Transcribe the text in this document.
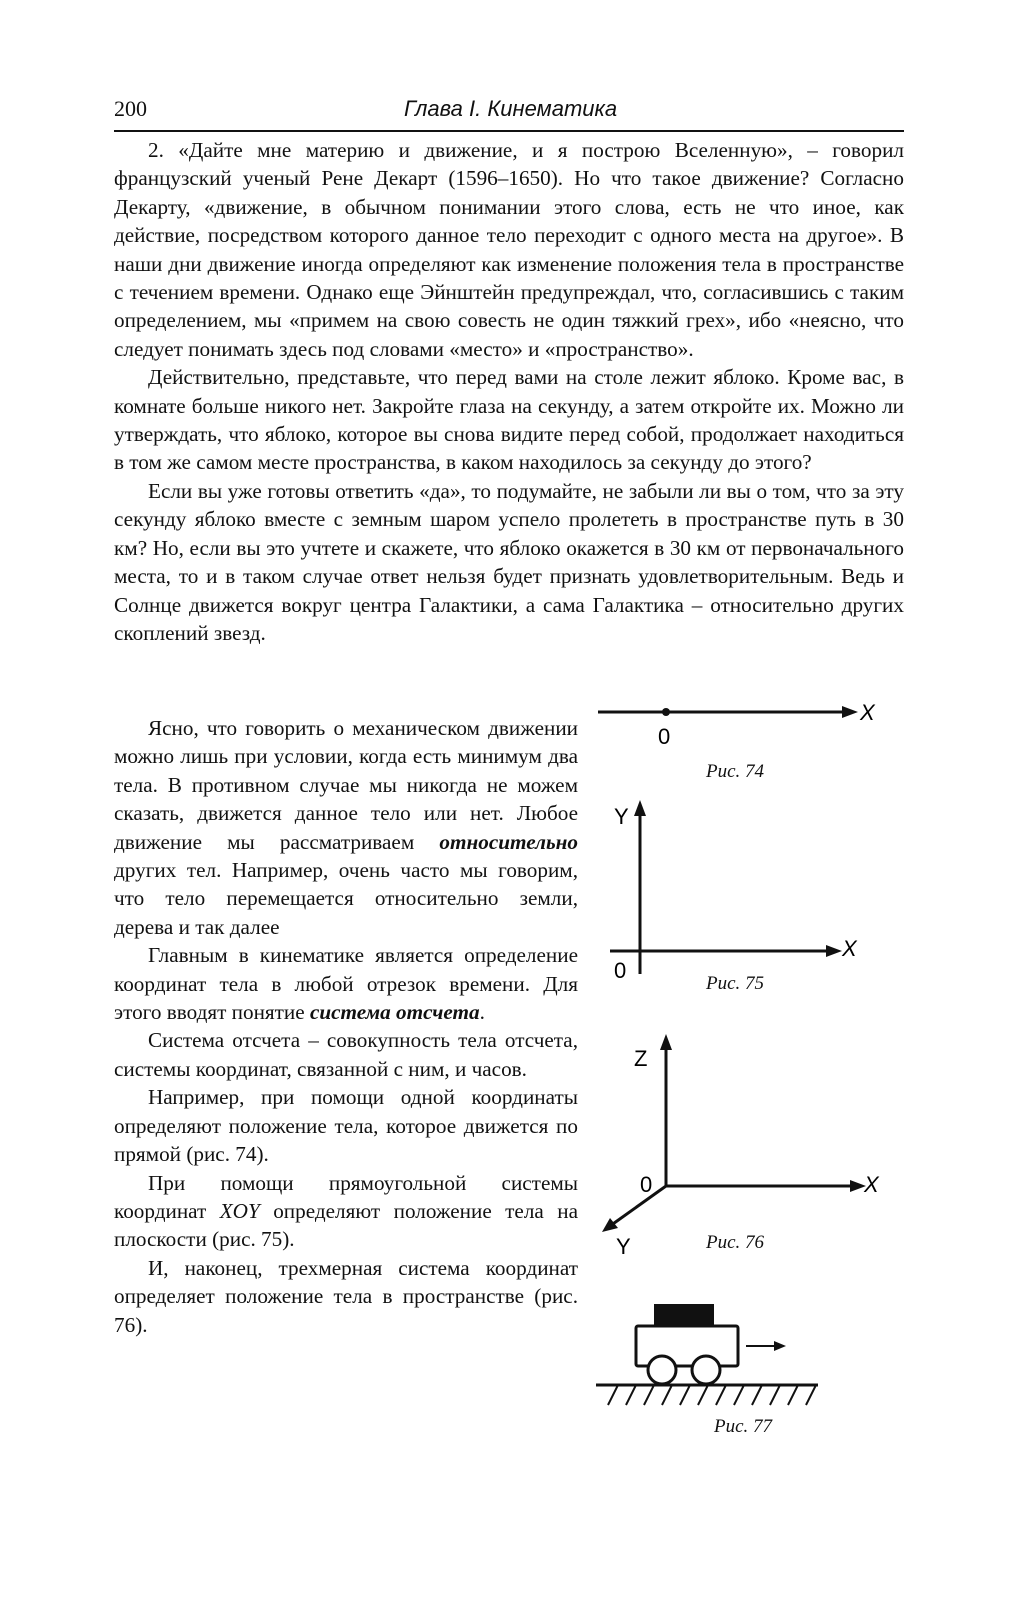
200	Глава I. Кинематика

2. «Дайте мне материю и движение, и я построю Вселенную», – говорил французский ученый Рене Декарт (1596–1650). Но что такое движение? Согласно Декарту, «движение, в обычном понимании этого слова, есть не что иное, как действие, посредством которого данное тело переходит с одного места на другое». В наши дни движение иногда определяют как изменение положения тела в пространстве с течением времени. Однако еще Эйнштейн предупреждал, что, согласившись с таким определением, мы «примем на свою совесть не один тяжкий грех», ибо «неясно, что следует понимать здесь под словами «место» и «пространство».

Действительно, представьте, что перед вами на столе лежит яблоко. Кроме вас, в комнате больше никого нет. Закройте глаза на секунду, а затем откройте их. Можно ли утверждать, что яблоко, которое вы снова видите перед собой, продолжает находиться в том же самом месте пространства, в каком находилось за секунду до этого?

Если вы уже готовы ответить «да», то подумайте, не забыли ли вы о том, что за эту секунду яблоко вместе с земным шаром успело пролететь в пространстве путь в 30 км? Но, если вы это учтете и скажете, что яблоко окажется в 30 км от первоначального места, то и в таком случае ответ нельзя будет признать удовлетворительным. Ведь и Солнце движется вокруг центра Галактики, а сама Галактика – относительно других скоплений звезд.

Ясно, что говорить о механическом движении можно лишь при условии, когда есть минимум два тела. В противном случае мы никогда не можем сказать, движется данное тело или нет. Любое движение мы рассматриваем относительно других тел. Например, очень часто мы говорим, что тело перемещается относительно земли, дерева и так далее

Главным в кинематике является определение координат тела в любой отрезок времени. Для этого вводят понятие система отсчета.

Система отсчета – совокупность тела отсчета, системы координат, связанной с ним, и часов.

Например, при помощи одной координаты определяют положение тела, которое движется по прямой (рис. 74).

При помощи прямоугольной системы координат XOY определяют положение тела на плоскости (рис. 75).

И, наконец, трехмерная система координат определяет положение тела в пространстве (рис. 76).

X
0
Рис. 74
Y
X
0
Рис. 75
Z
X
Y
0
Рис. 76
Рис. 77
